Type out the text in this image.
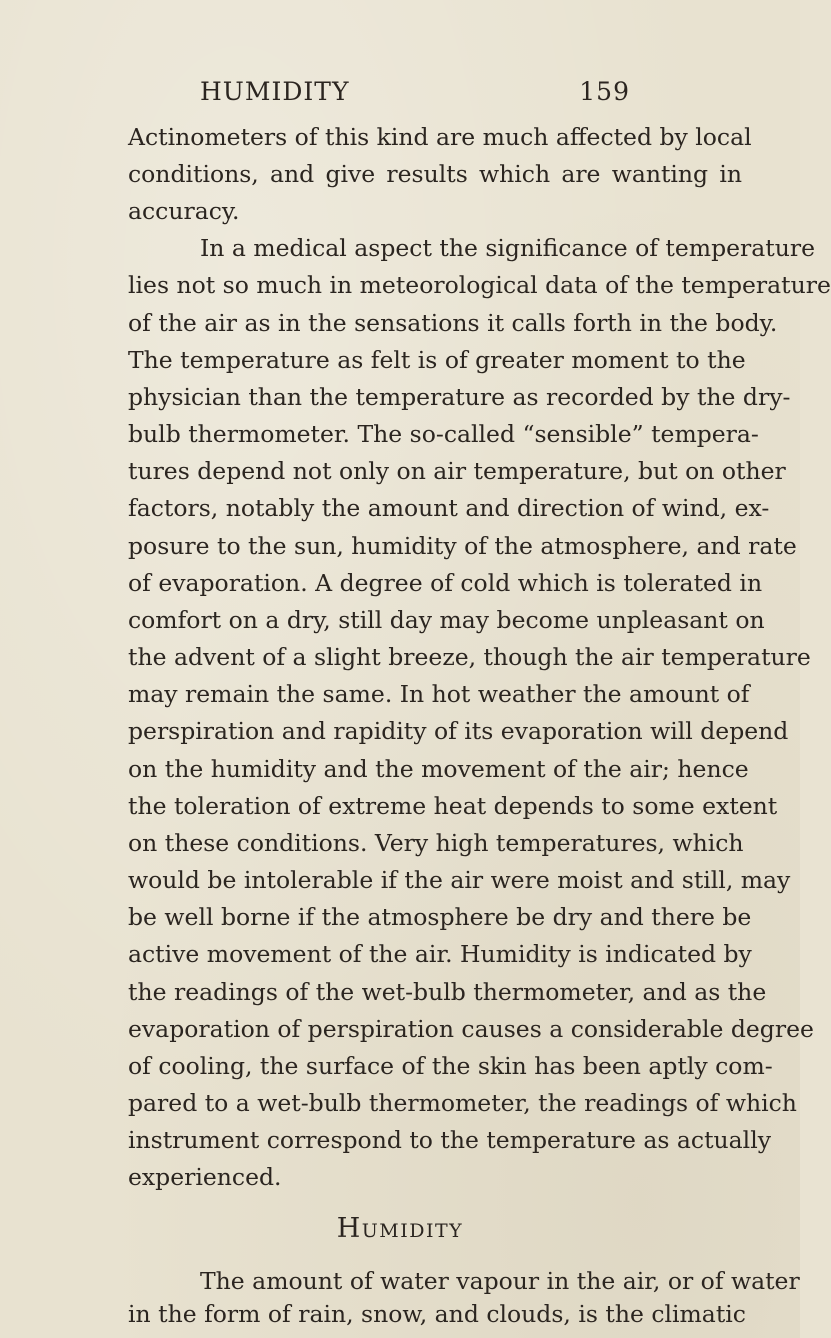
HUMIDITY	159
Actinometers of this kind are much affected by local
conditions, and give results which are wanting in
accuracy.
In a medical aspect the significance of temperature
lies not so much in meteorological data of the temperature
of the air as in the sensations it calls forth in the body.
The temperature as felt is of greater moment to the
physician than the temperature as recorded by the dry-
bulb thermometer. The so-called “sensible” tempera-
tures depend not only on air temperature, but on other
factors, notably the amount and direction of wind, ex-
posure to the sun, humidity of the atmosphere, and rate
of evaporation. A degree of cold which is tolerated in
comfort on a dry, still day may become unpleasant on
the advent of a slight breeze, though the air temperature
may remain the same. In hot weather the amount of
perspiration and rapidity of its evaporation will depend
on the humidity and the movement of the air; hence
the toleration of extreme heat depends to some extent
on these conditions. Very high temperatures, which
would be intolerable if the air were moist and still, may
be well borne if the atmosphere be dry and there be
active movement of the air. Humidity is indicated by
the readings of the wet-bulb thermometer, and as the
evaporation of perspiration causes a considerable degree
of cooling, the surface of the skin has been aptly com-
pared to a wet-bulb thermometer, the readings of which
instrument correspond to the temperature as actually
experienced.
Humidity
The amount of water vapour in the air, or of water
in the form of rain, snow, and clouds, is the climatic
